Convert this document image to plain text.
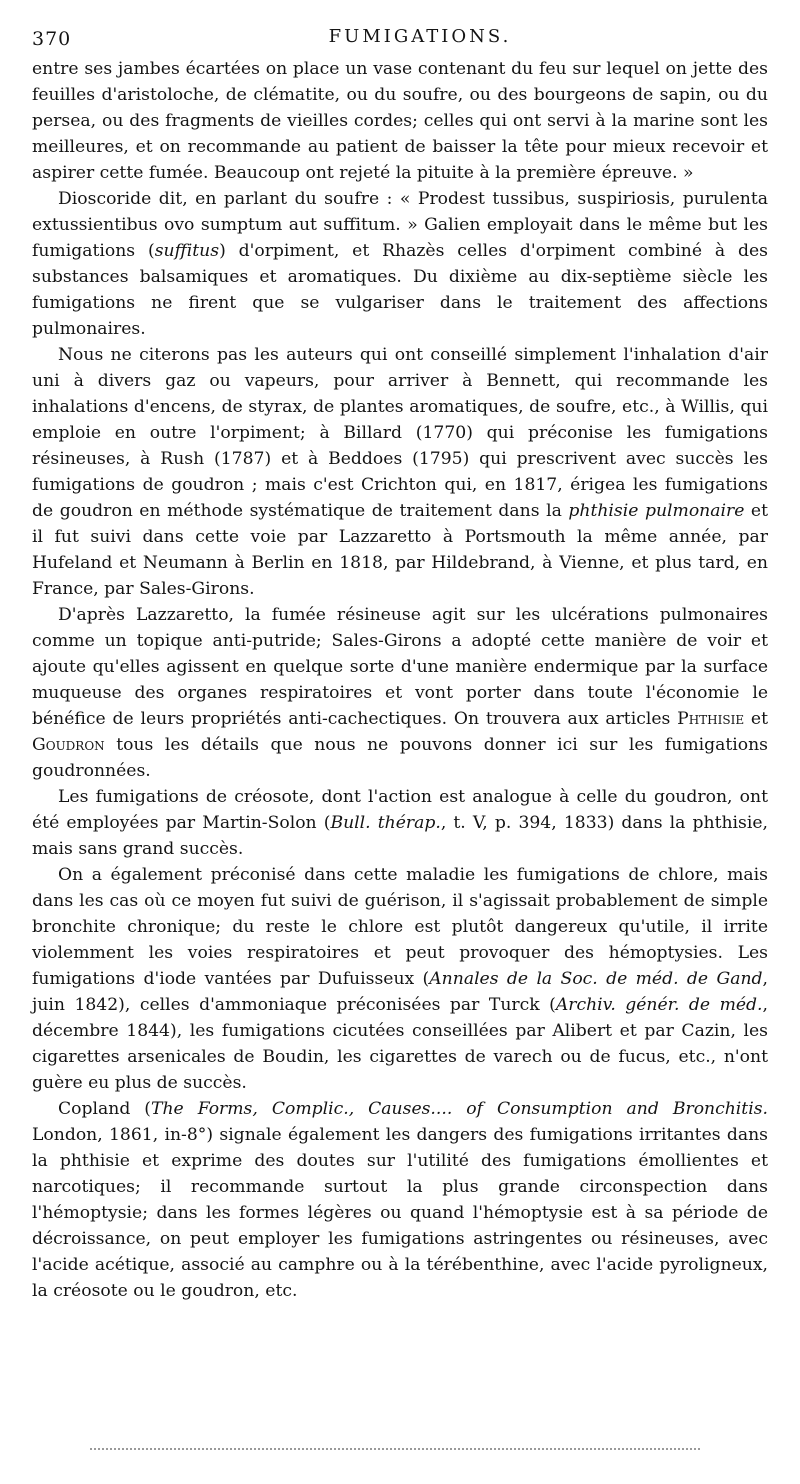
370	FUMIGATIONS.

entre ses jambes écartées on place un vase contenant du feu sur lequel on jette des feuilles d'aristoloche, de clématite, ou du soufre, ou des bourgeons de sapin, ou du persea, ou des fragments de vieilles cordes; celles qui ont servi à la marine sont les meilleures, et on recommande au patient de baisser la tête pour mieux recevoir et aspirer cette fumée. Beaucoup ont rejeté la pituite à la première épreuve. »

Dioscoride dit, en parlant du soufre : « Prodest tussibus, suspiriosis, purulenta extussientibus ovo sumptum aut suffitum. » Galien employait dans le même but les fumigations (suffitus) d'orpiment, et Rhazès celles d'orpiment combiné à des substances balsamiques et aromatiques. Du dixième au dix-septième siècle les fumigations ne firent que se vulgariser dans le traitement des affections pulmonaires.

Nous ne citerons pas les auteurs qui ont conseillé simplement l'inhalation d'air uni à divers gaz ou vapeurs, pour arriver à Bennett, qui recommande les inhalations d'encens, de styrax, de plantes aromatiques, de soufre, etc., à Willis, qui emploie en outre l'orpiment; à Billard (1770) qui préconise les fumigations résineuses, à Rush (1787) et à Beddoes (1795) qui prescrivent avec succès les fumigations de goudron ; mais c'est Crichton qui, en 1817, érigea les fumigations de goudron en méthode systématique de traitement dans la phthisie pulmonaire et il fut suivi dans cette voie par Lazzaretto à Portsmouth la même année, par Hufeland et Neumann à Berlin en 1818, par Hildebrand, à Vienne, et plus tard, en France, par Sales-Girons.

D'après Lazzaretto, la fumée résineuse agit sur les ulcérations pulmonaires comme un topique anti-putride; Sales-Girons a adopté cette manière de voir et ajoute qu'elles agissent en quelque sorte d'une manière endermique par la surface muqueuse des organes respiratoires et vont porter dans toute l'économie le bénéfice de leurs propriétés anti-cachectiques. On trouvera aux articles Phthisie et Goudron tous les détails que nous ne pouvons donner ici sur les fumigations goudronnées.

Les fumigations de créosote, dont l'action est analogue à celle du goudron, ont été employées par Martin-Solon (Bull. thérap., t. V, p. 394, 1833) dans la phthisie, mais sans grand succès.

On a également préconisé dans cette maladie les fumigations de chlore, mais dans les cas où ce moyen fut suivi de guérison, il s'agissait probablement de simple bronchite chronique; du reste le chlore est plutôt dangereux qu'utile, il irrite violemment les voies respiratoires et peut provoquer des hémoptysies. Les fumigations d'iode vantées par Dufuisseux (Annales de la Soc. de méd. de Gand, juin 1842), celles d'ammoniaque préconisées par Turck (Archiv. génér. de méd., décembre 1844), les fumigations cicutées conseillées par Alibert et par Cazin, les cigarettes arsenicales de Boudin, les cigarettes de varech ou de fucus, etc., n'ont guère eu plus de succès.

Copland (The Forms, Complic., Causes.... of Consumption and Bronchitis. London, 1861, in-8°) signale également les dangers des fumigations irritantes dans la phthisie et exprime des doutes sur l'utilité des fumigations émollientes et narcotiques; il recommande surtout la plus grande circonspection dans l'hémoptysie; dans les formes légères ou quand l'hémoptysie est à sa période de décroissance, on peut employer les fumigations astringentes ou résineuses, avec l'acide acétique, associé au camphre ou à la térébenthine, avec l'acide pyroligneux, la créosote ou le goudron, etc.
